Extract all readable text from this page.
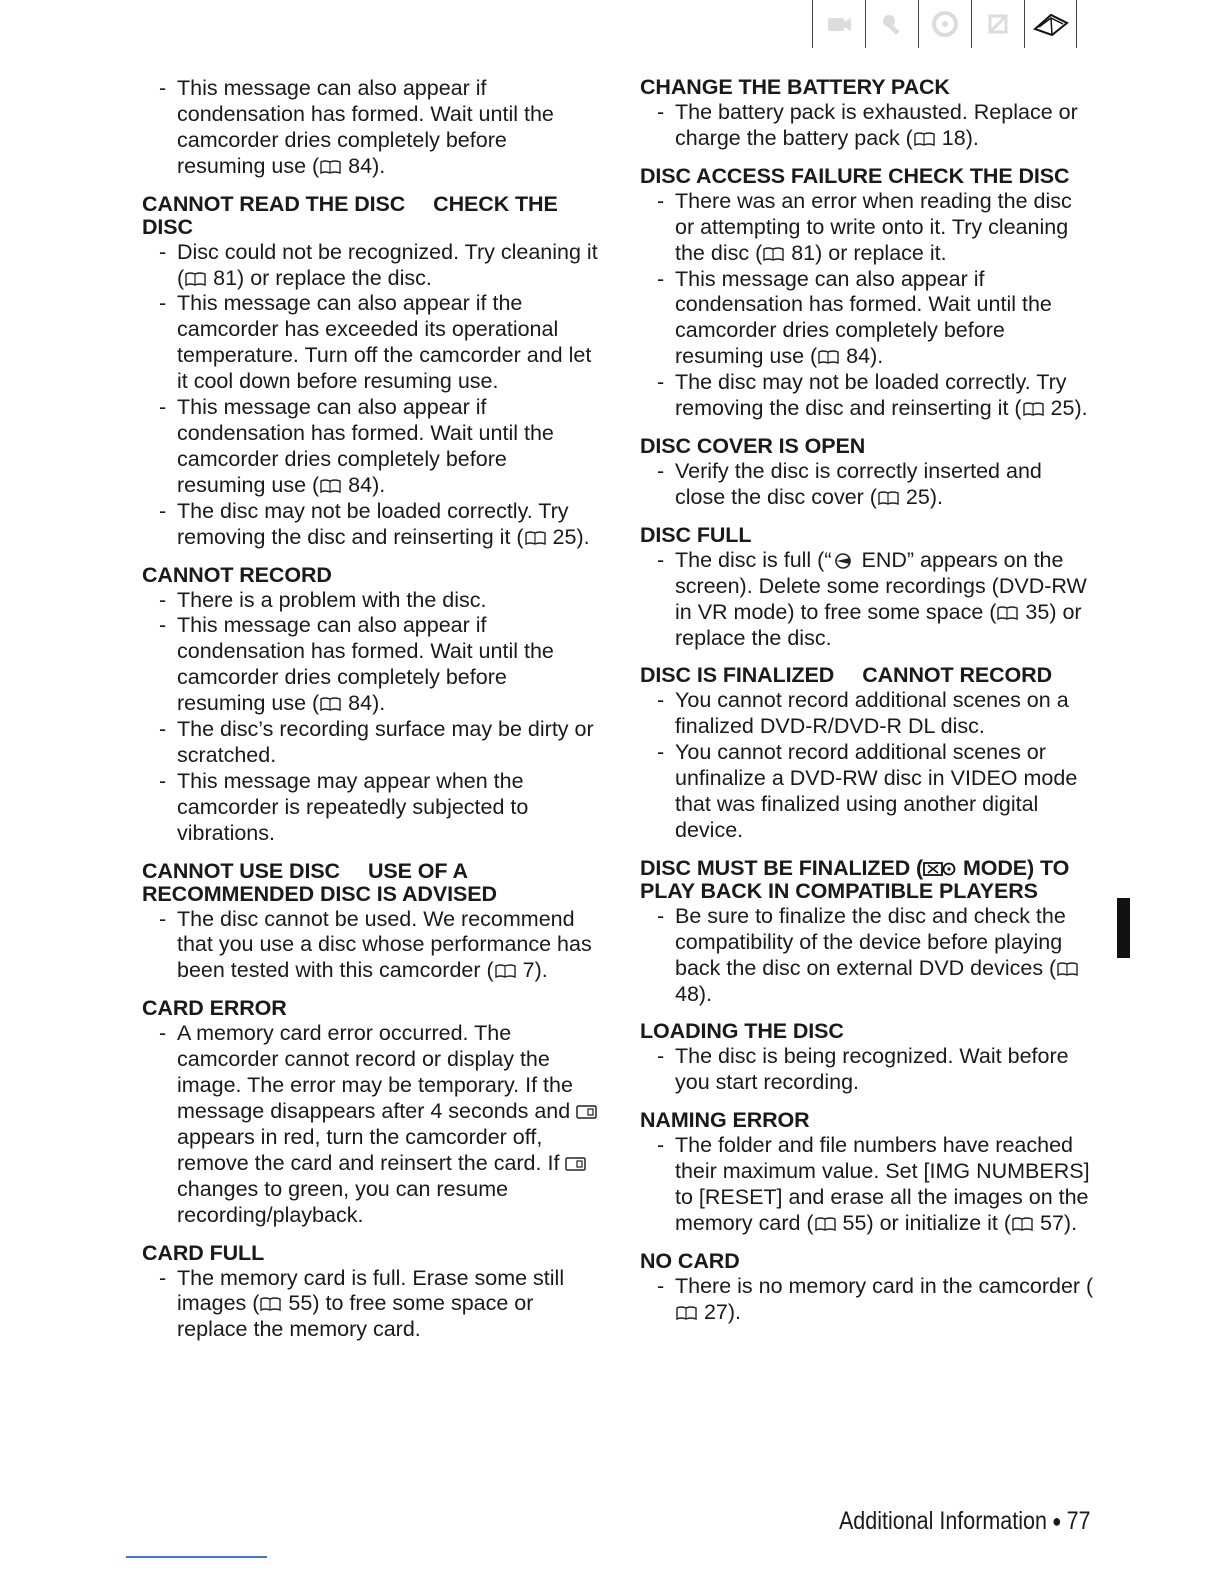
- This message can also appear if condensation has formed. Wait until the camcorder dries completely before resuming use ( 84).
CANNOT READ THE DISC CHECK THE DISC
- Disc could not be recognized. Try cleaning it ( 81) or replace the disc.
- This message can also appear if the camcorder has exceeded its operational temperature. Turn off the camcorder and let it cool down before resuming use.
- This message can also appear if condensation has formed. Wait until the camcorder dries completely before resuming use ( 84).
- The disc may not be loaded correctly. Try removing the disc and reinserting it ( 25).
CANNOT RECORD
- There is a problem with the disc.
- This message can also appear if condensation has formed. Wait until the camcorder dries completely before resuming use ( 84).
- The disc’s recording surface may be dirty or scratched.
- This message may appear when the camcorder is repeatedly subjected to vibrations.
CANNOT USE DISC USE OF A RECOMMENDED DISC IS ADVISED
- The disc cannot be used. We recommend that you use a disc whose performance has been tested with this camcorder ( 7).
CARD ERROR
- A memory card error occurred. The camcorder cannot record or display the image. The error may be temporary. If the message disappears after 4 seconds and  appears in red, turn the camcorder off, remove the card and reinsert the card. If  changes to green, you can resume recording/playback.
CARD FULL
- The memory card is full. Erase some still images ( 55) to free some space or replace the memory card.
CHANGE THE BATTERY PACK
- The battery pack is exhausted. Replace or charge the battery pack ( 18).
DISC ACCESS FAILURE CHECK THE DISC
- There was an error when reading the disc or attempting to write onto it. Try cleaning the disc ( 81) or replace it.
- This message can also appear if condensation has formed. Wait until the camcorder dries completely before resuming use ( 84).
- The disc may not be loaded correctly. Try removing the disc and reinserting it ( 25).
DISC COVER IS OPEN
- Verify the disc is correctly inserted and close the disc cover ( 25).
DISC FULL
- The disc is full (“ END” appears on the screen). Delete some recordings (DVD-RW in VR mode) to free some space ( 35) or replace the disc.
DISC IS FINALIZED CANNOT RECORD
- You cannot record additional scenes on a finalized DVD-R/DVD-R DL disc.
- You cannot record additional scenes or unfinalize a DVD-RW disc in VIDEO mode that was finalized using another digital device.
DISC MUST BE FINALIZED ( MODE) TO PLAY BACK IN COMPATIBLE PLAYERS
- Be sure to finalize the disc and check the compatibility of the device before playing back the disc on external DVD devices ( 48).
LOADING THE DISC
- The disc is being recognized. Wait before you start recording.
NAMING ERROR
- The folder and file numbers have reached their maximum value. Set [IMG NUMBERS] to [RESET] and erase all the images on the memory card ( 55) or initialize it ( 57).
NO CARD
- There is no memory card in the camcorder ( 27).
Additional Information ● 77
